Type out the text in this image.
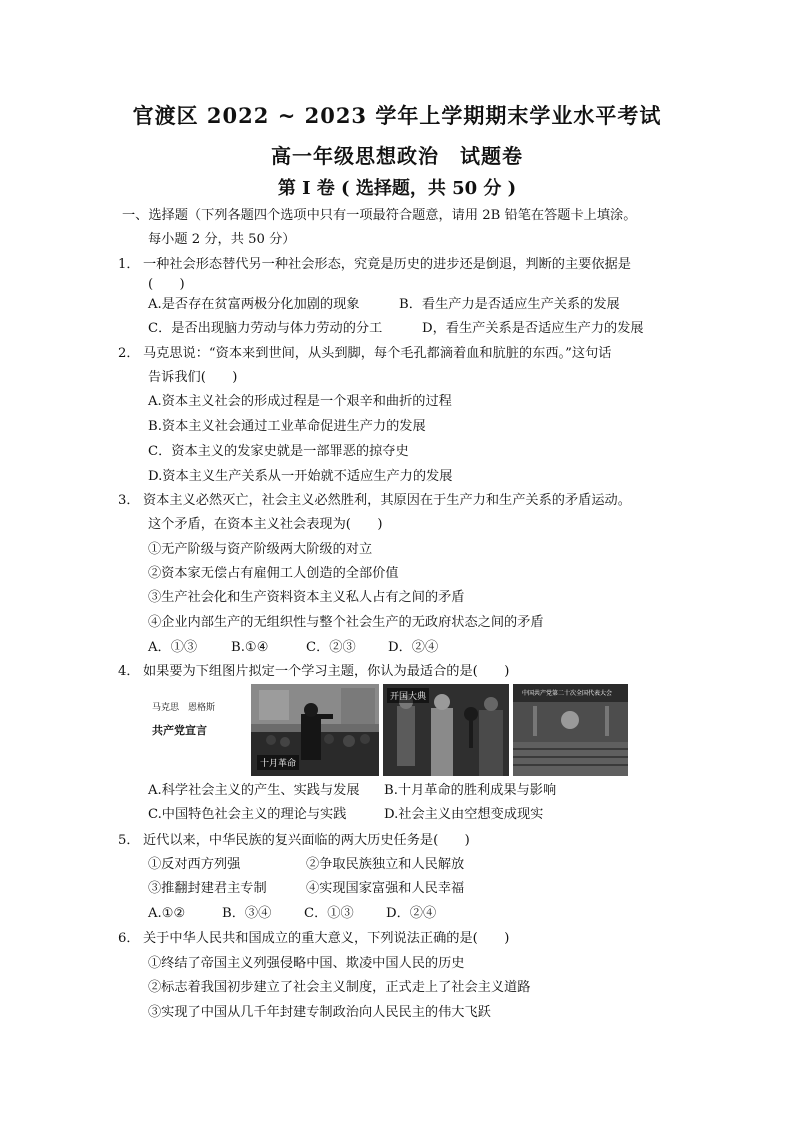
官渡区 2022 ~ 2023 学年上学期期末学业水平考试
高一年级思想政治　试题卷
第 I 卷 ( 选择题，共 50 分 )
一、选择题（下列各题四个选项中只有一项最符合题意，请用 2B 铅笔在答题卡上填涂。
每小题 2 分，共 50 分）
1． 一种社会形态替代另一种社会形态，究竟是历史的进步还是倒退，判断的主要依据是
(　　)
A.是否存在贫富两极分化加剧的现象	B．看生产力是否适应生产关系的发展
C．是否出现脑力劳动与体力劳动的分工	D，看生产关系是否适应生产力的发展
2． 马克思说：“资本来到世间，从头到脚，每个毛孔都滴着血和肮脏的东西。”这句话
告诉我们(　　)
A.资本主义社会的形成过程是一个艰辛和曲折的过程
B.资本主义社会通过工业革命促进生产力的发展
C．资本主义的发家史就是一部罪恶的掠夺史
D.资本主义生产关系从一开始就不适应生产力的发展
3． 资本主义必然灭亡，社会主义必然胜利，其原因在于生产力和生产关系的矛盾运动。
这个矛盾，在资本主义社会表现为(　　)
①无产阶级与资产阶级两大阶级的对立
②资本家无偿占有雇佣工人创造的全部价值
③生产社会化和生产资料资本主义私人占有之间的矛盾
④企业内部生产的无组织性与整个社会生产的无政府状态之间的矛盾
A．①③	B.①④	C．②③ D．②④
4． 如果要为下组图片拟定一个学习主题，你认为最适合的是(　　)
马克思　恩格斯
共产党宣言
十月革命
开国大典	中国共产党第二十次全国代表大会
A.科学社会主义的产生、实践与发展 B.十月革命的胜利成果与影响
C.中国特色社会主义的理论与实践	D.社会主义由空想变成现实
5． 近代以来，中华民族的复兴面临的两大历史任务是(　　)
①反对西方列强	②争取民族独立和人民解放
③推翻封建君主专制	④实现国家富强和人民幸福
A.①②	B．③④ C．①③ D．②④
6． 关于中华人民共和国成立的重大意义，下列说法正确的是(　　)
①终结了帝国主义列强侵略中国、欺凌中国人民的历史
②标志着我国初步建立了社会主义制度，正式走上了社会主义道路
③实现了中国从几千年封建专制政治向人民民主的伟大飞跃
